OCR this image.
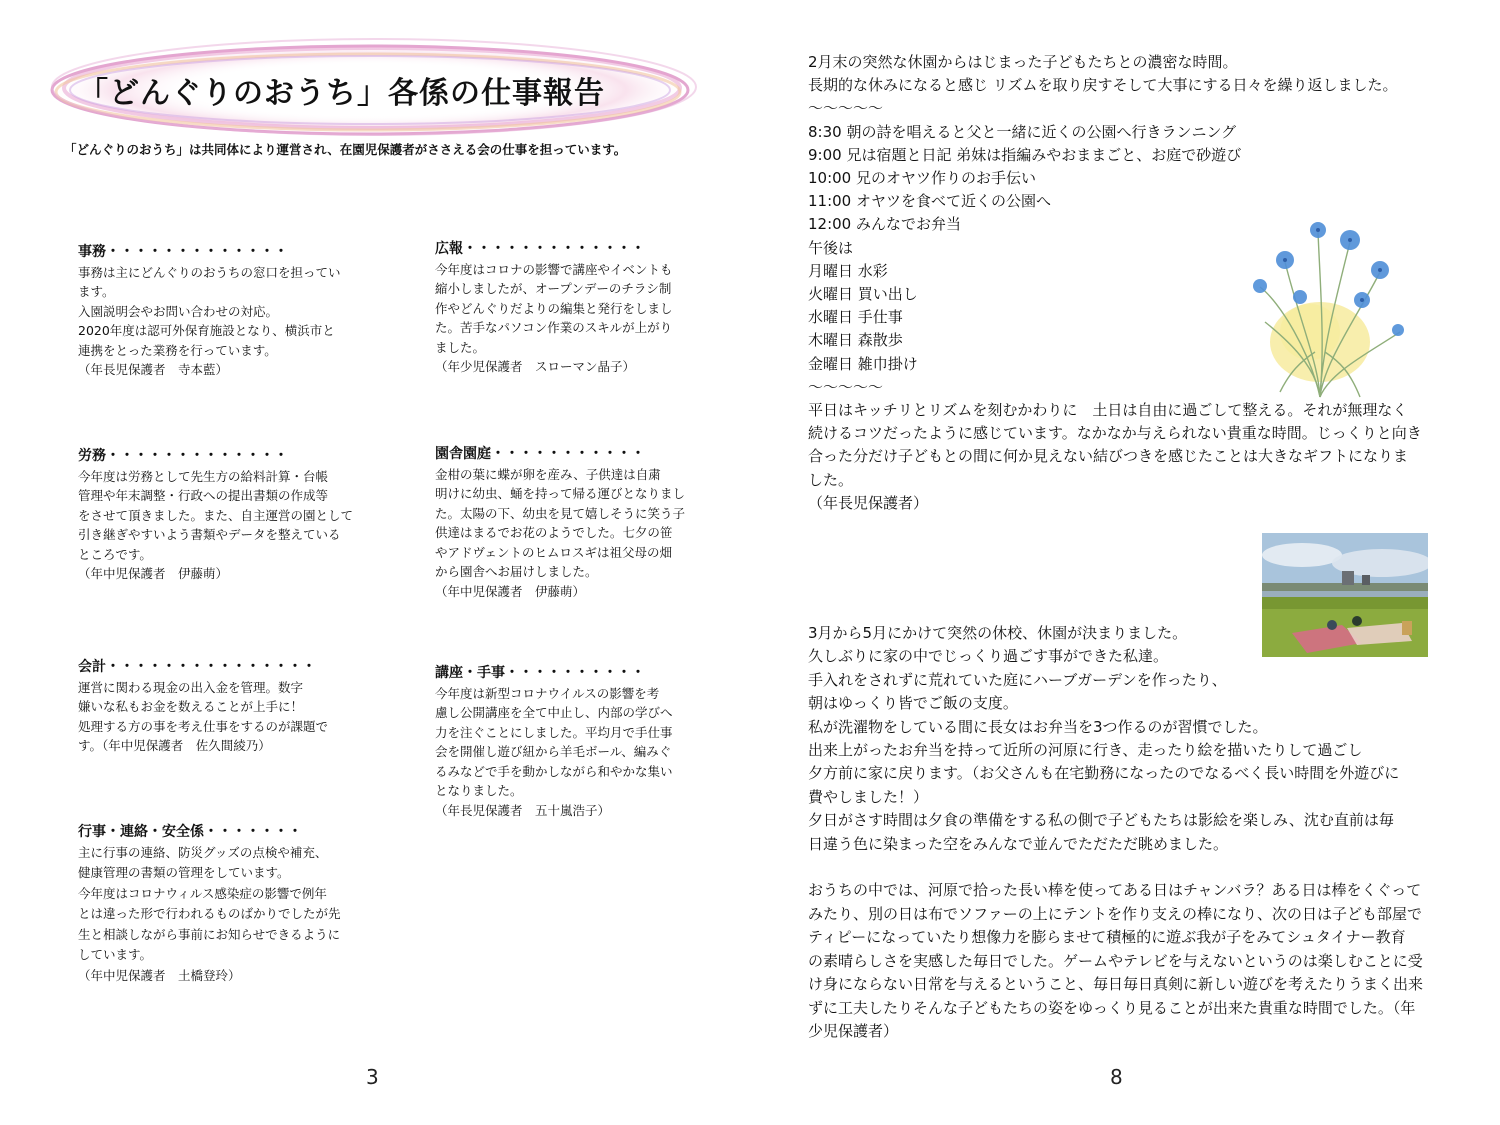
「どんぐりのおうち」各係の仕事報告
「どんぐりのおうち」は共同体により運営され、在園児保護者がささえる会の仕事を担っています。
事務・・・・・・・・・・・・・
事務は主にどんぐりのおうちの窓口を担ってい
ます。
入園説明会やお問い合わせの対応。
2020年度は認可外保育施設となり、横浜市と
連携をとった業務を行っています。
（年長児保護者　寺本藍）
広報・・・・・・・・・・・・・
今年度はコロナの影響で講座やイベントも
縮小しましたが、オープンデーのチラシ制
作やどんぐりだよりの編集と発行をしまし
た。苦手なパソコン作業のスキルが上がり
ました。
（年少児保護者　スローマン晶子）
労務・・・・・・・・・・・・・
今年度は労務として先生方の給料計算・台帳
管理や年末調整・行政への提出書類の作成等
をさせて頂きました。また、自主運営の園として
引き継ぎやすいよう書類やデータを整えている
ところです。
（年中児保護者　伊藤萌）
園舎園庭・・・・・・・・・・・
金柑の葉に蝶が卵を産み、子供達は自粛
明けに幼虫、蛹を持って帰る運びとなりまし
た。太陽の下、幼虫を見て嬉しそうに笑う子
供達はまるでお花のようでした。七夕の笹
やアドヴェントのヒムロスギは祖父母の畑
から園舎へお届けしました。
（年中児保護者　伊藤萌）
会計・・・・・・・・・・・・・・・
運営に関わる現金の出入金を管理。数字
嫌いな私もお金を数えることが上手に！
処理する方の事を考え仕事をするのが課題で
す。（年中児保護者　佐久間綾乃）
講座・手事・・・・・・・・・・
今年度は新型コロナウイルスの影響を考
慮し公開講座を全て中止し、内部の学びへ
力を注ぐことにしました。平均月で手仕事
会を開催し遊び紐から羊毛ボール、編みぐ
るみなどで手を動かしながら和やかな集い
となりました。
（年長児保護者　五十嵐浩子）
行事・連絡・安全係・・・・・・・
主に行事の連絡、防災グッズの点検や補充、
健康管理の書類の管理をしています。
今年度はコロナウィルス感染症の影響で例年
とは違った形で行われるものばかりでしたが先
生と相談しながら事前にお知らせできるように
しています。
（年中児保護者　土橋登玲）
3
2月末の突然な休園からはじまった子どもたちとの濃密な時間。
長期的な休みになると感じ リズムを取り戻すそして大事にする日々を繰り返しました。
〜〜〜〜〜
8:30 朝の詩を唱えると父と一緒に近くの公園へ行きランニング
9:00 兄は宿題と日記 弟妹は指編みやおままごと、お庭で砂遊び
10:00 兄のオヤツ作りのお手伝い
11:00 オヤツを食べて近くの公園へ
12:00 みんなでお弁当
午後は
月曜日 水彩
火曜日 買い出し
水曜日 手仕事
木曜日 森散歩
金曜日 雑巾掛け
〜〜〜〜〜
平日はキッチリとリズムを刻むかわりに　土日は自由に過ごして整える。それが無理なく
続けるコツだったように感じています。なかなか与えられない貴重な時間。じっくりと向き
合った分だけ子どもとの間に何か見えない結びつきを感じたことは大きなギフトになりま
した。
（年長児保護者）
3月から5月にかけて突然の休校、休園が決まりました。
久しぶりに家の中でじっくり過ごす事ができた私達。
手入れをされずに荒れていた庭にハーブガーデンを作ったり、
朝はゆっくり皆でご飯の支度。
私が洗濯物をしている間に長女はお弁当を3つ作るのが習慣でした。
出来上がったお弁当を持って近所の河原に行き、走ったり絵を描いたりして過ごし
夕方前に家に戻ります。（お父さんも在宅勤務になったのでなるべく長い時間を外遊びに
費やしました！）
夕日がさす時間は夕食の準備をする私の側で子どもたちは影絵を楽しみ、沈む直前は毎
日違う色に染まった空をみんなで並んでただただ眺めました。

おうちの中では、河原で拾った長い棒を使ってある日はチャンバラ？ある日は棒をくぐって
みたり、別の日は布でソファーの上にテントを作り支えの棒になり、次の日は子ども部屋で
ティピーになっていたり想像力を膨らませて積極的に遊ぶ我が子をみてシュタイナー教育
の素晴らしさを実感した毎日でした。ゲームやテレビを与えないというのは楽しむことに受
け身にならない日常を与えるということ、毎日毎日真剣に新しい遊びを考えたりうまく出来
ずに工夫したりそんな子どもたちの姿をゆっくり見ることが出来た貴重な時間でした。（年
少児保護者）
8
